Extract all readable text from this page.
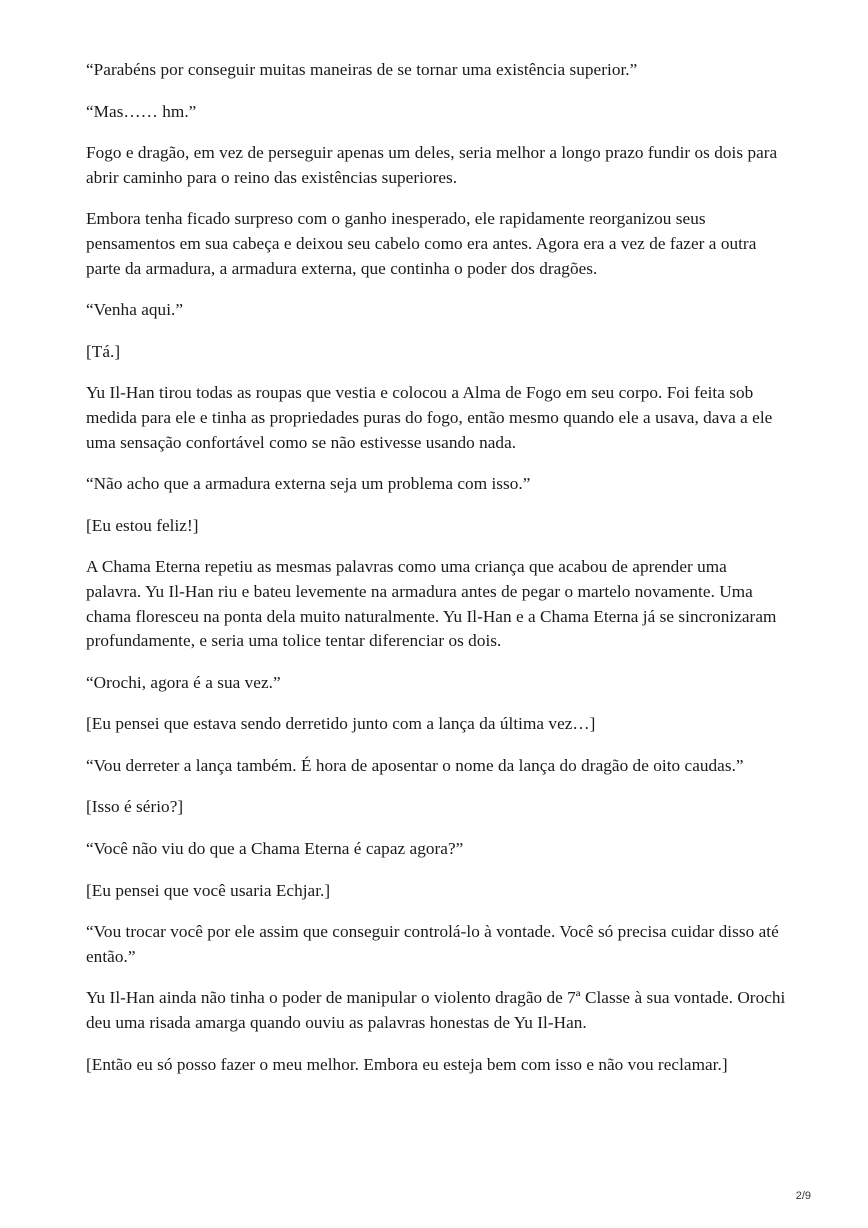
“Parabéns por conseguir muitas maneiras de se tornar uma existência superior.”

“Mas…… hm.”

Fogo e dragão, em vez de perseguir apenas um deles, seria melhor a longo prazo fundir os dois para abrir caminho para o reino das existências superiores.

Embora tenha ficado surpreso com o ganho inesperado, ele rapidamente reorganizou seus pensamentos em sua cabeça e deixou seu cabelo como era antes. Agora era a vez de fazer a outra parte da armadura, a armadura externa, que continha o poder dos dragões.

“Venha aqui.”

[Tá.]

Yu Il-Han tirou todas as roupas que vestia e colocou a Alma de Fogo em seu corpo. Foi feita sob medida para ele e tinha as propriedades puras do fogo, então mesmo quando ele a usava, dava a ele uma sensação confortável como se não estivesse usando nada.

“Não acho que a armadura externa seja um problema com isso.”

[Eu estou feliz!]

A Chama Eterna repetiu as mesmas palavras como uma criança que acabou de aprender uma palavra. Yu Il-Han riu e bateu levemente na armadura antes de pegar o martelo novamente. Uma chama floresceu na ponta dela muito naturalmente. Yu Il-Han e a Chama Eterna já se sincronizaram profundamente, e seria uma tolice tentar diferenciar os dois.

“Orochi, agora é a sua vez.”

[Eu pensei que estava sendo derretido junto com a lança da última vez…]

“Vou derreter a lança também. É hora de aposentar o nome da lança do dragão de oito caudas.”

[Isso é sério?]

“Você não viu do que a Chama Eterna é capaz agora?”

[Eu pensei que você usaria Echjar.]

“Vou trocar você por ele assim que conseguir controlá-lo à vontade. Você só precisa cuidar disso até então.”

Yu Il-Han ainda não tinha o poder de manipular o violento dragão de 7ª Classe à sua vontade. Orochi deu uma risada amarga quando ouviu as palavras honestas de Yu Il-Han.

[Então eu só posso fazer o meu melhor. Embora eu esteja bem com isso e não vou reclamar.]

2/9
